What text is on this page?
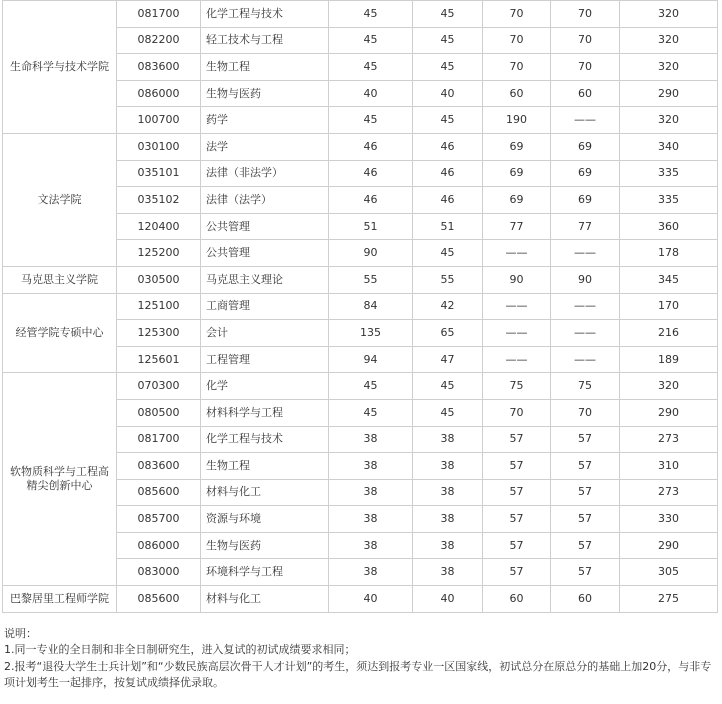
生命科学与技术学院	081700	化学工程与技术	45	45	70	70	320
	082200	轻工技术与工程	45	45	70	70	320
	083600	生物工程	45	45	70	70	320
	086000	生物与医药	40	40	60	60	290
	100700	药学	45	45	190	——	320
文法学院	030100	法学	46	46	69	69	340
	035101	法律（非法学）	46	46	69	69	335
	035102	法律（法学）	46	46	69	69	335
	120400	公共管理	51	51	77	77	360
	125200	公共管理	90	45	——	——	178
马克思主义学院	030500	马克思主义理论	55	55	90	90	345
经管学院专硕中心	125100	工商管理	84	42	——	——	170
	125300	会计	135	65	——	——	216
	125601	工程管理	94	47	——	——	189
软物质科学与工程高精尖创新中心	070300	化学	45	45	75	75	320
	080500	材料科学与工程	45	45	70	70	290
	081700	化学工程与技术	38	38	57	57	273
	083600	生物工程	38	38	57	57	310
	085600	材料与化工	38	38	57	57	273
	085700	资源与环境	38	38	57	57	330
	086000	生物与医药	38	38	57	57	290
	083000	环境科学与工程	38	38	57	57	305
巴黎居里工程师学院	085600	材料与化工	40	40	60	60	275

说明：

1.同一专业的全日制和非全日制研究生，进入复试的初试成绩要求相同；

2.报考“退役大学生士兵计划”和“少数民族高层次骨干人才计划”的考生，须达到报考专业一区国家线，初试总分在原总分的基础上加20分，与非专项计划考生一起排序，按复试成绩择优录取。
